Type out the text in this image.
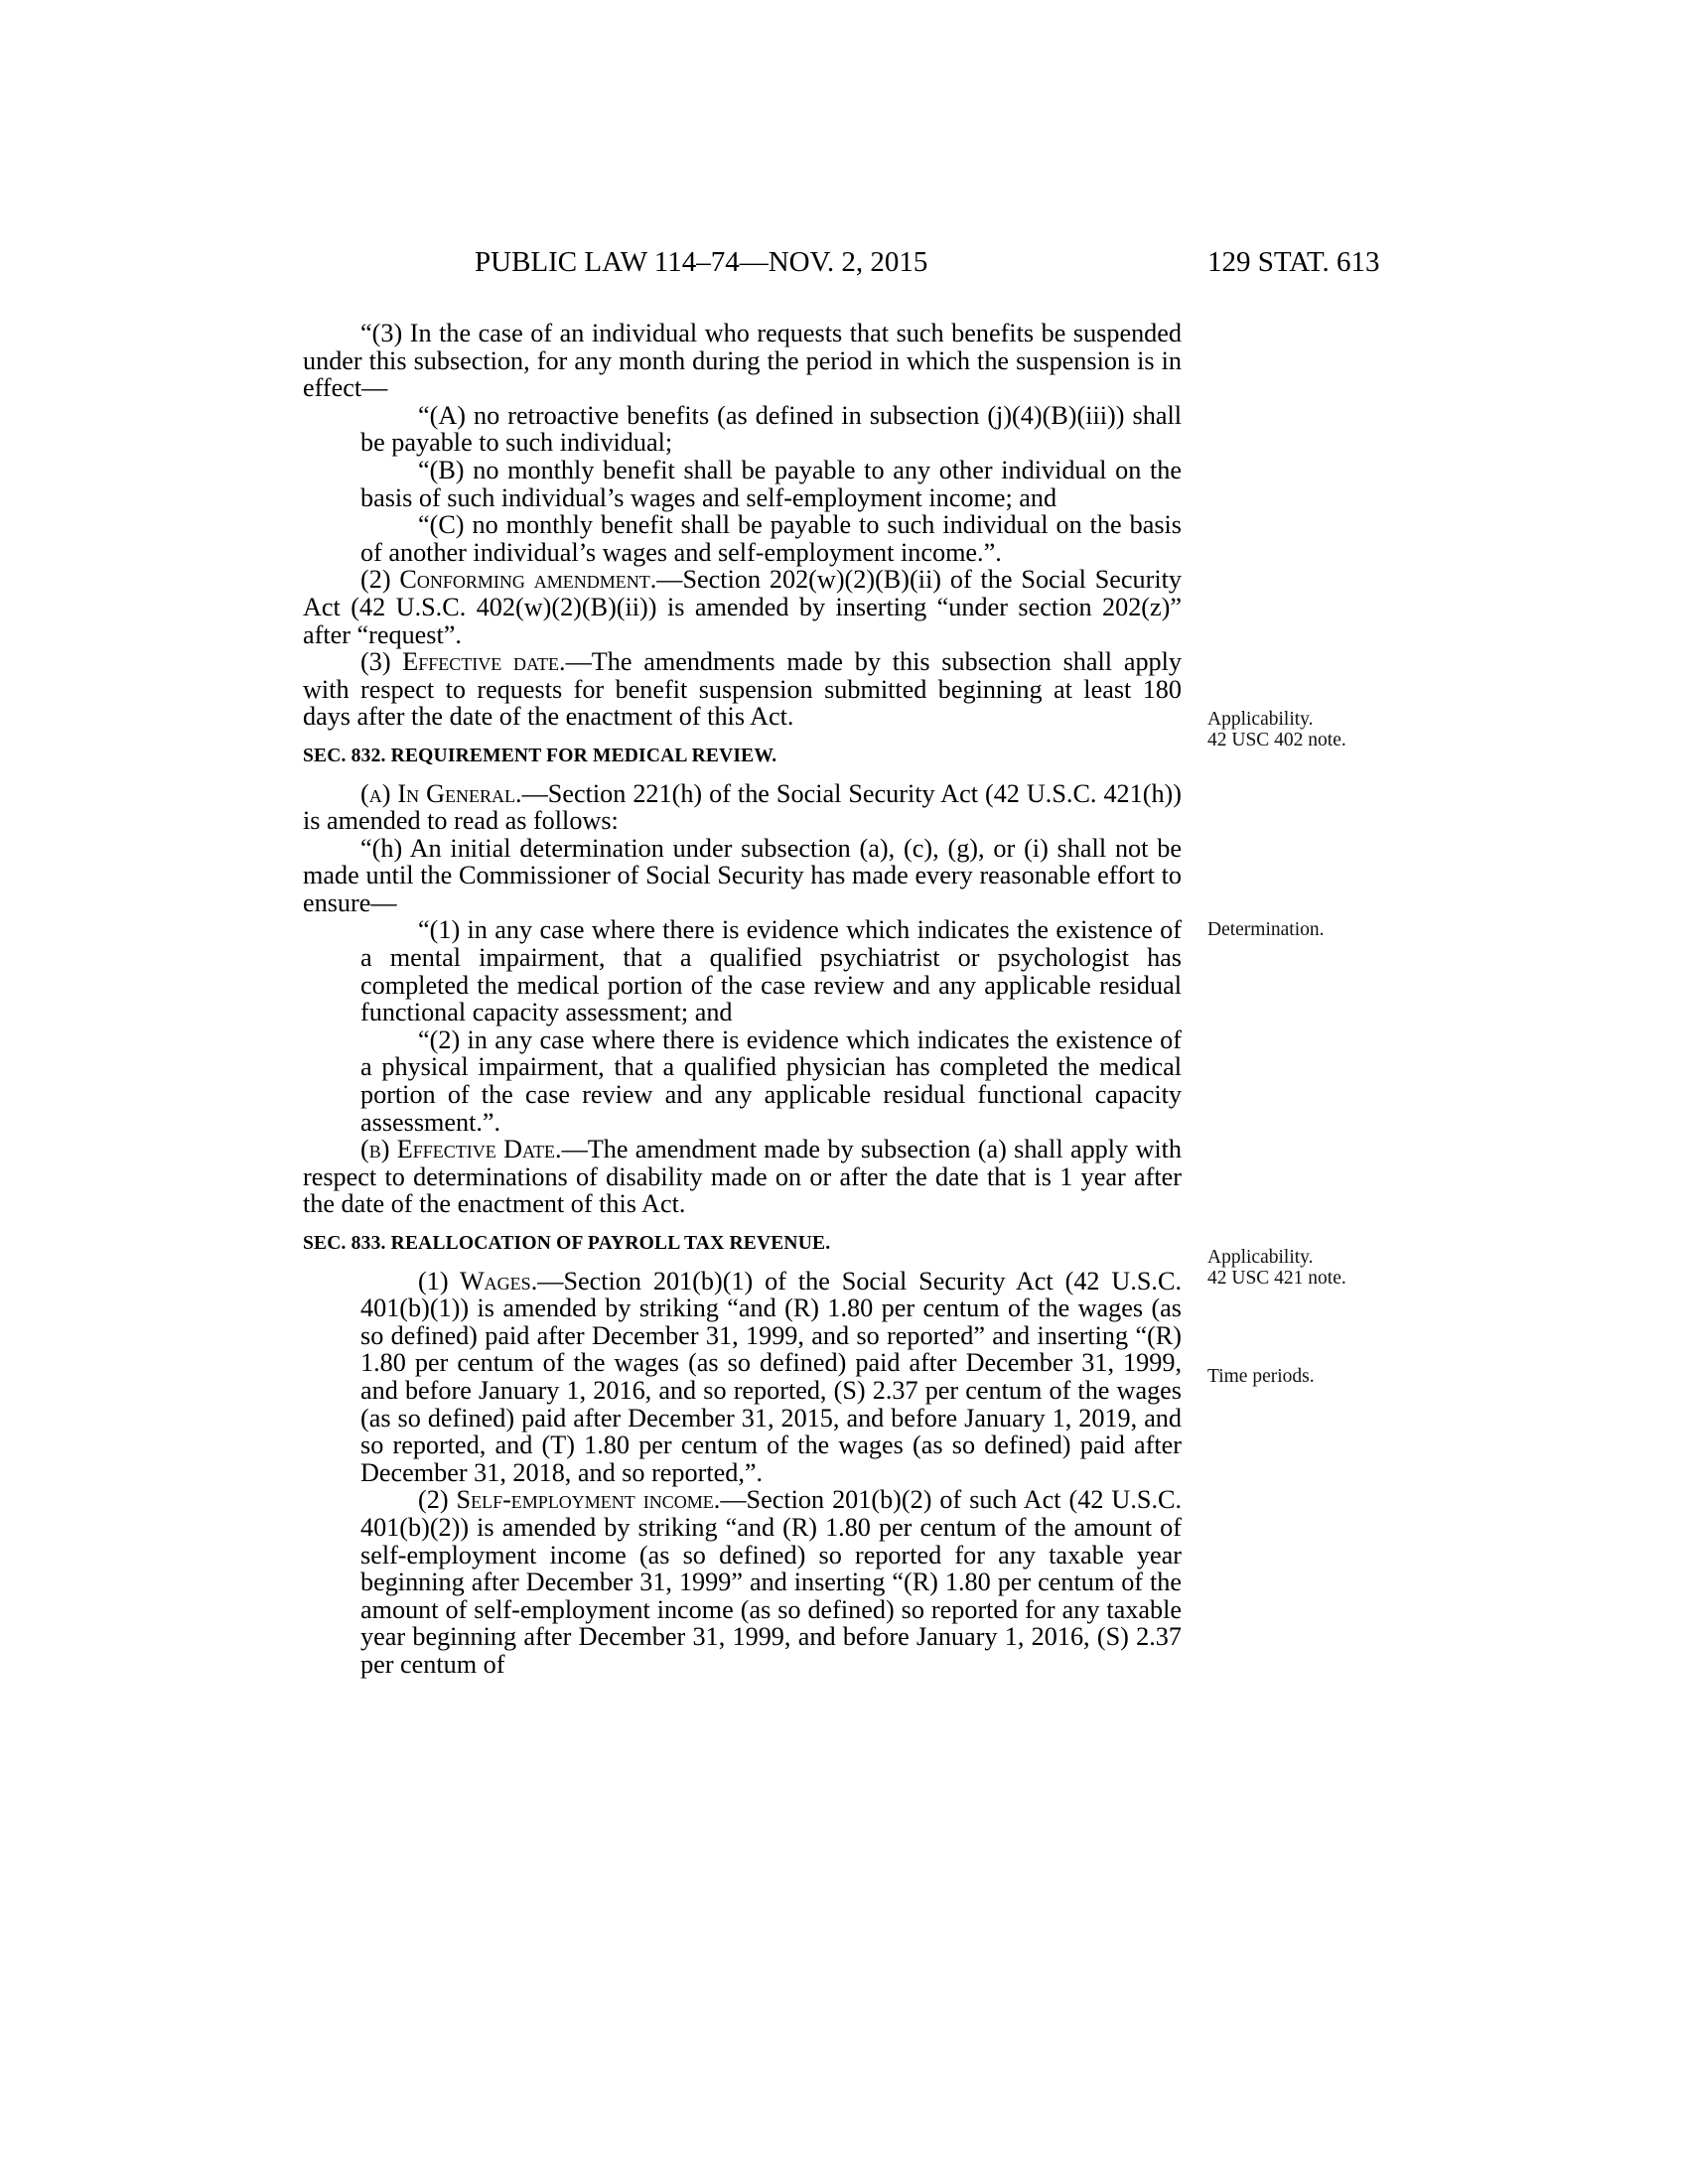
PUBLIC LAW 114–74—NOV. 2, 2015	129 STAT. 613

“(3) In the case of an individual who requests that such benefits be suspended under this subsection, for any month during the period in which the suspension is in effect—

“(A) no retroactive benefits (as defined in subsection (j)(4)(B)(iii)) shall be payable to such individual;

“(B) no monthly benefit shall be payable to any other individual on the basis of such individual’s wages and self-employment income; and

“(C) no monthly benefit shall be payable to such individual on the basis of another individual’s wages and self-employment income.”.

(2) Conforming amendment.—Section 202(w)(2)(B)(ii) of the Social Security Act (42 U.S.C. 402(w)(2)(B)(ii)) is amended by inserting “under section 202(z)” after “request”.

(3) Effective date.—The amendments made by this subsection shall apply with respect to requests for benefit suspension submitted beginning at least 180 days after the date of the enactment of this Act.

SEC. 832. REQUIREMENT FOR MEDICAL REVIEW.

(a) In General.—Section 221(h) of the Social Security Act (42 U.S.C. 421(h)) is amended to read as follows:

“(h) An initial determination under subsection (a), (c), (g), or (i) shall not be made until the Commissioner of Social Security has made every reasonable effort to ensure—

“(1) in any case where there is evidence which indicates the existence of a mental impairment, that a qualified psychiatrist or psychologist has completed the medical portion of the case review and any applicable residual functional capacity assessment; and

“(2) in any case where there is evidence which indicates the existence of a physical impairment, that a qualified physician has completed the medical portion of the case review and any applicable residual functional capacity assessment.”.

(b) Effective Date.—The amendment made by subsection (a) shall apply with respect to determinations of disability made on or after the date that is 1 year after the date of the enactment of this Act.

SEC. 833. REALLOCATION OF PAYROLL TAX REVENUE.

(1) Wages.—Section 201(b)(1) of the Social Security Act (42 U.S.C. 401(b)(1)) is amended by striking “and (R) 1.80 per centum of the wages (as so defined) paid after December 31, 1999, and so reported” and inserting “(R) 1.80 per centum of the wages (as so defined) paid after December 31, 1999, and before January 1, 2016, and so reported, (S) 2.37 per centum of the wages (as so defined) paid after December 31, 2015, and before January 1, 2019, and so reported, and (T) 1.80 per centum of the wages (as so defined) paid after December 31, 2018, and so reported,”.

(2) Self-employment income.—Section 201(b)(2) of such Act (42 U.S.C. 401(b)(2)) is amended by striking “and (R) 1.80 per centum of the amount of self-employment income (as so defined) so reported for any taxable year beginning after December 31, 1999” and inserting “(R) 1.80 per centum of the amount of self-employment income (as so defined) so reported for any taxable year beginning after December 31, 1999, and before January 1, 2016, (S) 2.37 per centum of

Applicability.
42 USC 402 note.
Determination.
Applicability.
42 USC 421 note.
Time periods.
